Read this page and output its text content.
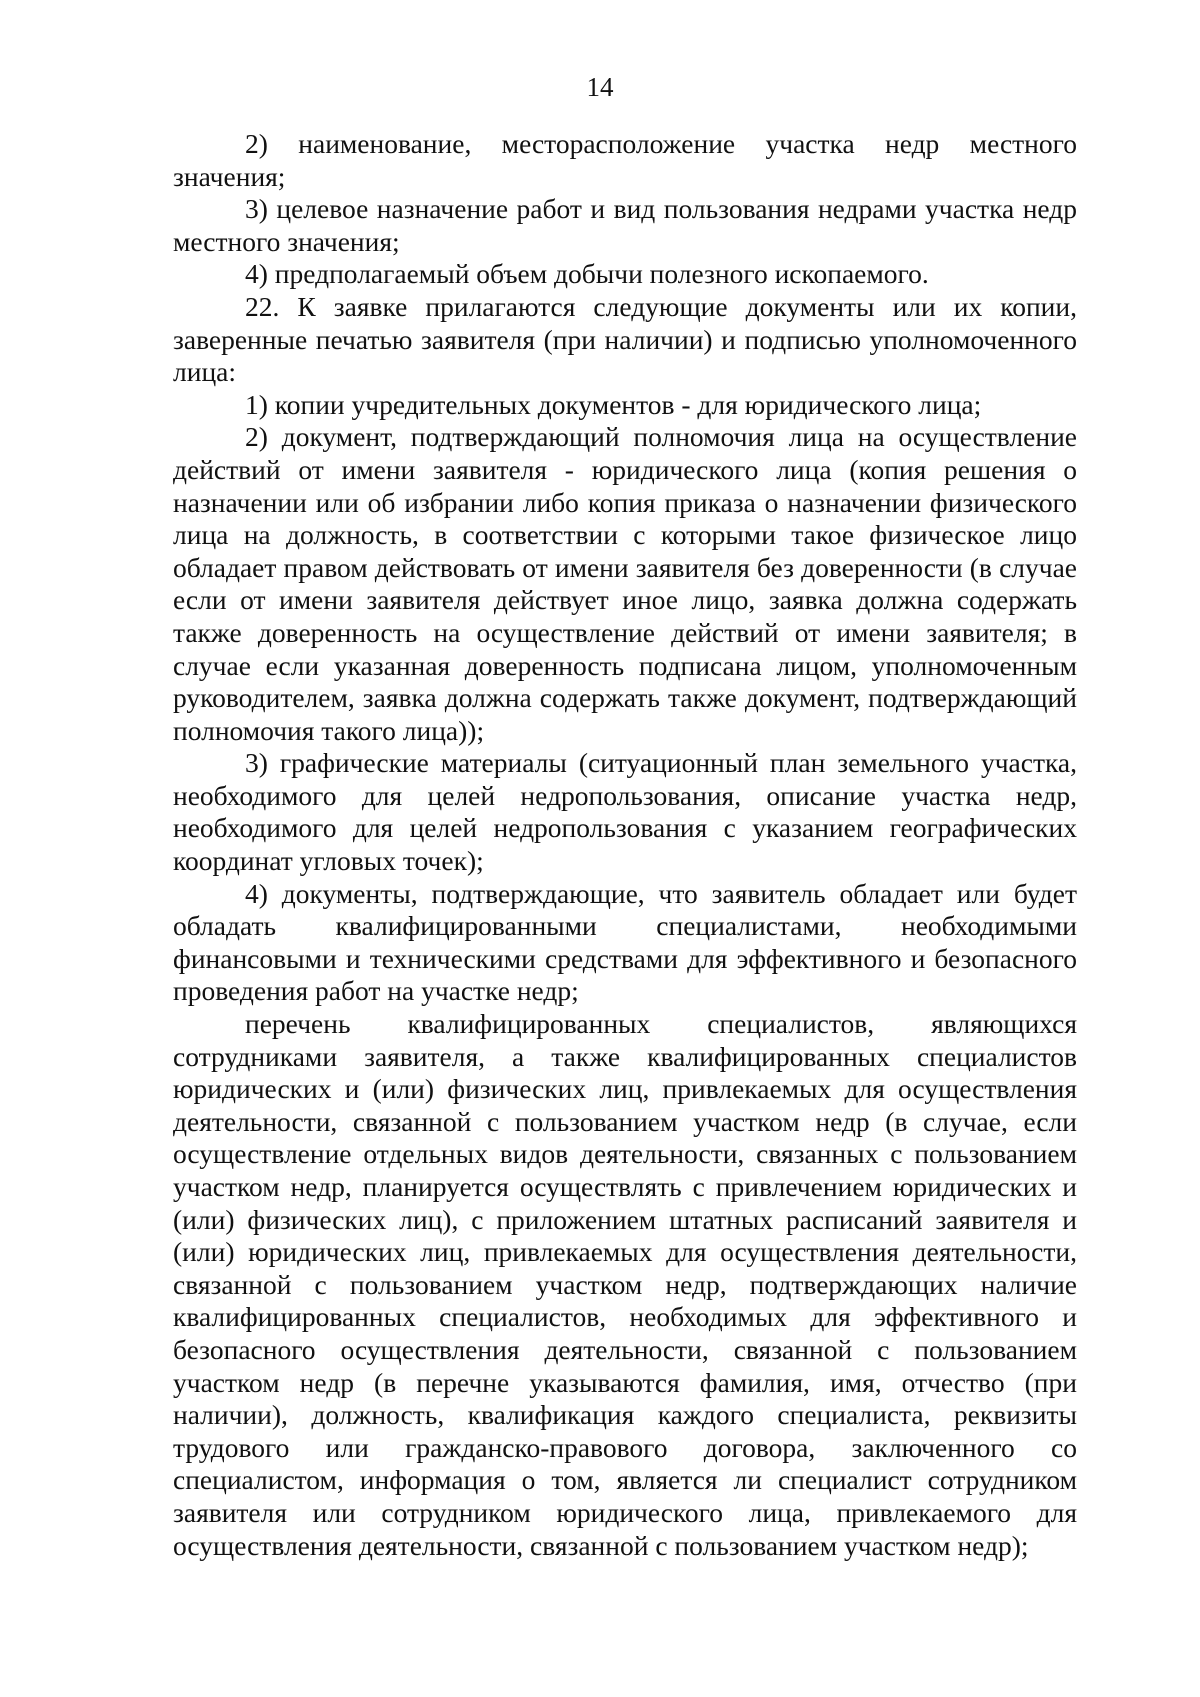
14

2) наименование, месторасположение участка недр местного значения;

3) целевое назначение работ и вид пользования недрами участка недр местного значения;

4) предполагаемый объем добычи полезного ископаемого.

22. К заявке прилагаются следующие документы или их копии, заверенные печатью заявителя (при наличии) и подписью уполномоченного лица:

1) копии учредительных документов - для юридического лица;

2) документ, подтверждающий полномочия лица на осуществление действий от имени заявителя - юридического лица (копия решения о назначении или об избрании либо копия приказа о назначении физического лица на должность, в соответствии с которыми такое физическое лицо обладает правом действовать от имени заявителя без доверенности (в случае если от имени заявителя действует иное лицо, заявка должна содержать также доверенность на осуществление действий от имени заявителя; в случае если указанная доверенность подписана лицом, уполномоченным руководителем, заявка должна содержать также документ, подтверждающий полномочия такого лица));

3) графические материалы (ситуационный план земельного участка, необходимого для целей недропользования, описание участка недр, необходимого для целей недропользования с указанием географических координат угловых точек);

4) документы, подтверждающие, что заявитель обладает или будет обладать квалифицированными специалистами, необходимыми финансовыми и техническими средствами для эффективного и безопасного проведения работ на участке недр;

перечень квалифицированных специалистов, являющихся сотрудниками заявителя, а также квалифицированных специалистов юридических и (или) физических лиц, привлекаемых для осуществления деятельности, связанной с пользованием участком недр (в случае, если осуществление отдельных видов деятельности, связанных с пользованием участком недр, планируется осуществлять с привлечением юридических и (или) физических лиц), с приложением штатных расписаний заявителя и (или) юридических лиц, привлекаемых для осуществления деятельности, связанной с пользованием участком недр, подтверждающих наличие квалифицированных специалистов, необходимых для эффективного и безопасного осуществления деятельности, связанной с пользованием участком недр (в перечне указываются фамилия, имя, отчество (при наличии), должность, квалификация каждого специалиста, реквизиты трудового или гражданско-правового договора, заключенного со специалистом, информация о том, является ли специалист сотрудником заявителя или сотрудником юридического лица, привлекаемого для осуществления деятельности, связанной с пользованием участком недр);
